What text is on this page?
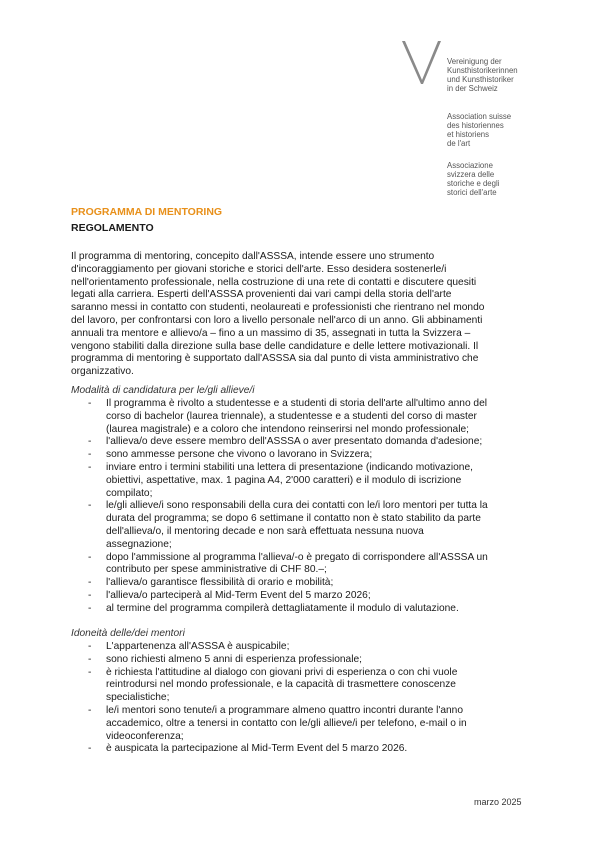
Vereinigung der
Kunsthistorikerinnen
und Kunsthistoriker
in der Schweiz
Association suisse
des historiennes
et historiens
de l'art
Associazione
svizzera delle
storiche e degli
storici dell'arte
PROGRAMMA DI MENTORING
REGOLAMENTO
Il programma di mentoring, concepito dall'ASSSA, intende essere uno strumento
d'incoraggiamento per giovani storiche e storici dell'arte. Esso desidera sostenerle/i
nell'orientamento professionale, nella costruzione di una rete di contatti e discutere quesiti
legati alla carriera. Esperti dell'ASSSA provenienti dai vari campi della storia dell'arte
saranno messi in contatto con studenti, neolaureati e professionisti che rientrano nel mondo
del lavoro, per confrontarsi con loro a livello personale nell'arco di un anno. Gli abbinamenti
annuali tra mentore e allievo/a – fino a un massimo di 35, assegnati in tutta la Svizzera –
vengono stabiliti dalla direzione sulla base delle candidature e delle lettere motivazionali. Il
programma di mentoring è supportato dall'ASSSA sia dal punto di vista amministrativo che
organizzativo.
Modalità di candidatura per le/gli allieve/i
- Il programma è rivolto a studentesse e a studenti di storia dell'arte all'ultimo anno del
corso di bachelor (laurea triennale), a studentesse e a studenti del corso di master
(laurea magistrale) e a coloro che intendono reinserirsi nel mondo professionale;
- l'allieva/o deve essere membro dell'ASSSA o aver presentato domanda d'adesione;
- sono ammesse persone che vivono o lavorano in Svizzera;
- inviare entro i termini stabiliti una lettera di presentazione (indicando motivazione,
obiettivi, aspettative, max. 1 pagina A4, 2'000 caratteri) e il modulo di iscrizione
compilato;
- le/gli allieve/i sono responsabili della cura dei contatti con le/i loro mentori per tutta la
durata del programma; se dopo 6 settimane il contatto non è stato stabilito da parte
dell'allieva/o, il mentoring decade e non sarà effettuata nessuna nuova
assegnazione;
- dopo l'ammissione al programma l'allieva/-o è pregato di corrispondere all'ASSSA un
contributo per spese amministrative di CHF 80.–;
- l'allieva/o garantisce flessibilità di orario e mobilità;
- l'allieva/o parteciperà al Mid-Term Event del 5 marzo 2026;
- al termine del programma compilerà dettagliatamente il modulo di valutazione.
Idoneità delle/dei mentori
- L'appartenenza all'ASSSA è auspicabile;
- sono richiesti almeno 5 anni di esperienza professionale;
- è richiesta l'attitudine al dialogo con giovani privi di esperienza o con chi vuole
reintrodursi nel mondo professionale, e la capacità di trasmettere conoscenze
specialistiche;
- le/i mentori sono tenute/i a programmare almeno quattro incontri durante l'anno
accademico, oltre a tenersi in contatto con le/gli allieve/i per telefono, e-mail o in
videoconferenza;
- è auspicata la partecipazione al Mid-Term Event del 5 marzo 2026.
marzo 2025
